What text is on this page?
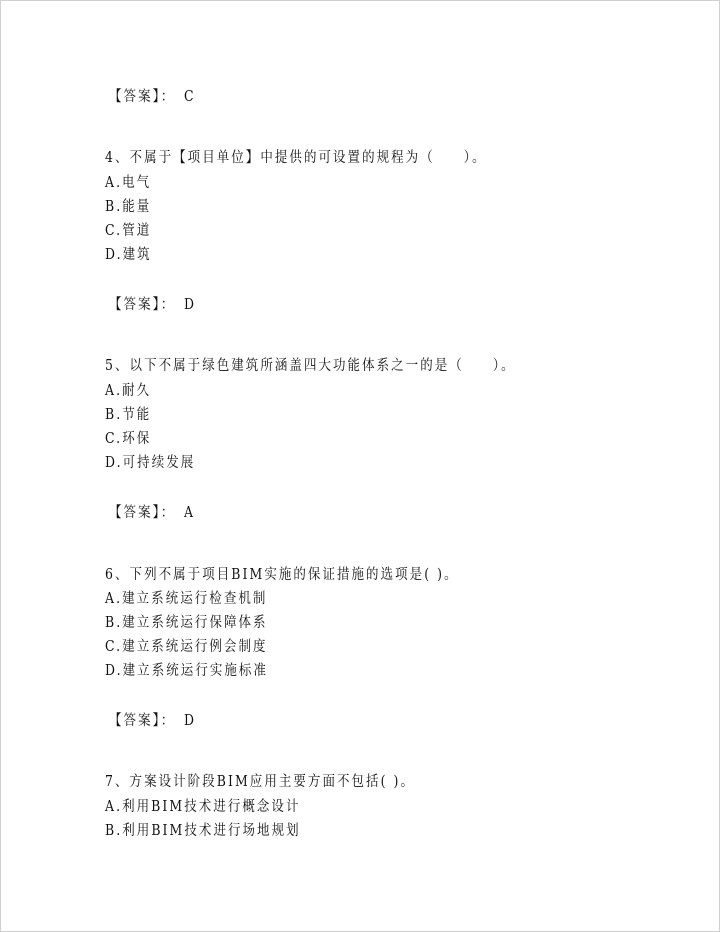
【答案】： C
4、不属于【项目单位】中提供的可设置的规程为（　　）。
A.电气
B.能量
C.管道
D.建筑
【答案】： D
5、以下不属于绿色建筑所涵盖四大功能体系之一的是（　　）。
A.耐久
B.节能
C.环保
D.可持续发展
【答案】： A
6、下列不属于项目BIM实施的保证措施的选项是( )。
A.建立系统运行检查机制
B.建立系统运行保障体系
C.建立系统运行例会制度
D.建立系统运行实施标准
【答案】： D
7、方案设计阶段BIM应用主要方面不包括( )。
A.利用BIM技术进行概念设计
B.利用BIM技术进行场地规划
